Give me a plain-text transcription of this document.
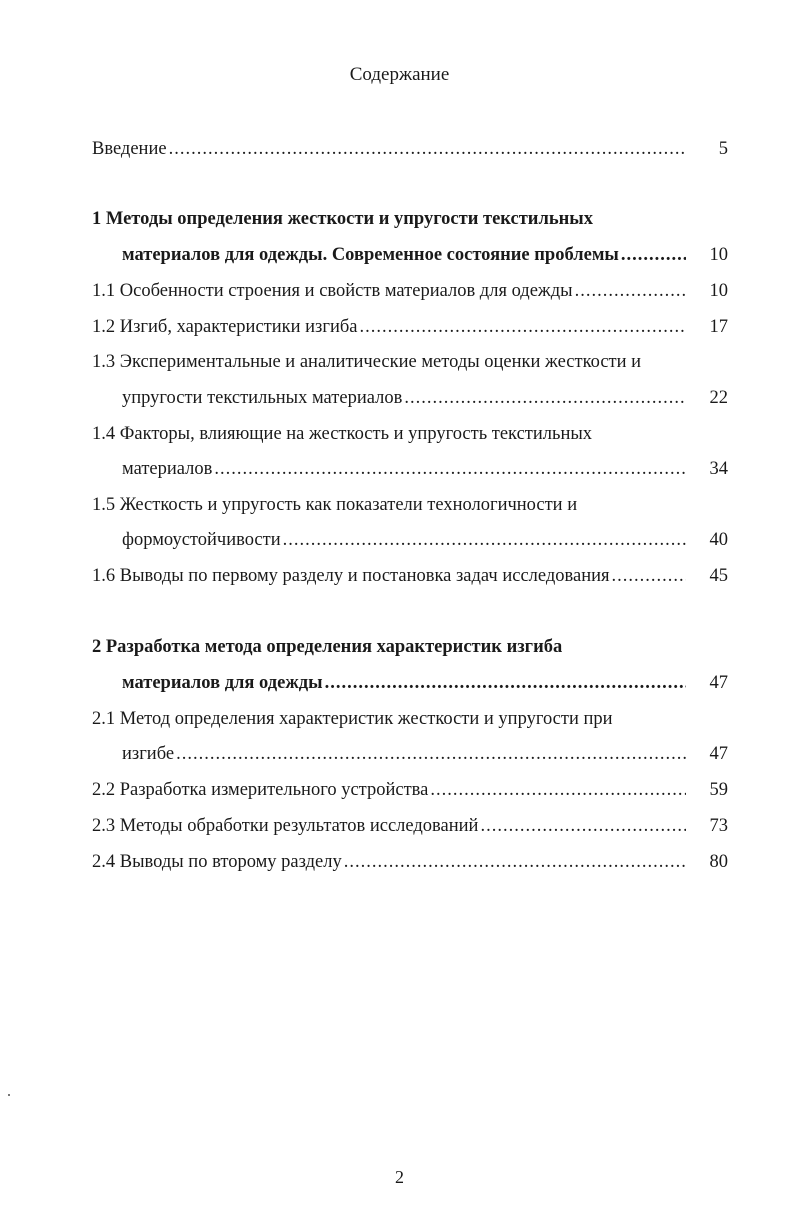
Содержание
Введение .....	5
1 Методы определения жесткости и упругости текстильных
материалов для одежды. Современное состояние проблемы .....	10
1.1 Особенности строения и свойств материалов для одежды .....	10
1.2 Изгиб, характеристики изгиба .....	17
1.3 Экспериментальные и аналитические методы оценки жесткости и
упругости текстильных материалов .....	22
1.4 Факторы, влияющие на жесткость и упругость текстильных
материалов .....	34
1.5 Жесткость и упругость как показатели технологичности и
формоустойчивости .....	40
1.6 Выводы по первому разделу и постановка задач исследования .....	45
2 Разработка метода определения характеристик изгиба
материалов для одежды .....	47
2.1 Метод определения характеристик жесткости и упругости при
изгибе .....	47
2.2 Разработка измерительного устройства .....	59
2.3 Методы обработки результатов исследований .....	73
2.4 Выводы по второму разделу .....	80
2
